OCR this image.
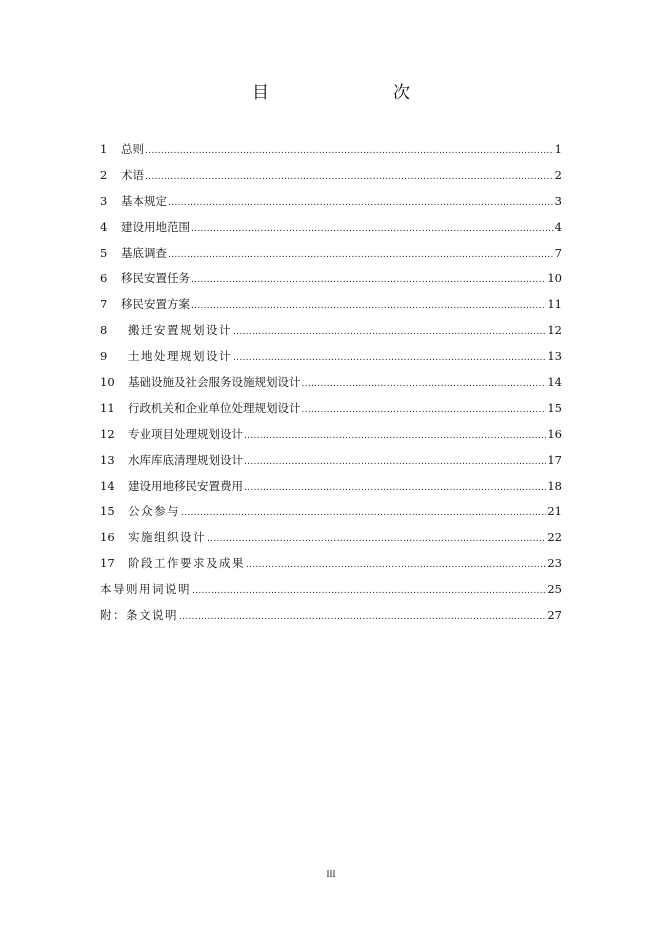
目　　次
1	总则 .....	1
2	术语 .....	2
3	基本规定 .....	3
4	建设用地范围 .....	4
5	基底调查 .....	7
6	移民安置任务 .....	10
7	移民安置方案 .....	11
8	搬迁安置规划设计 .....	12
9	土地处理规划设计 .....	13
10	基础设施及社会服务设施规划设计 .....	14
11	行政机关和企业单位处理规划设计 .....	15
12	专业项目处理规划设计 .....	16
13	水库库底清理规划设计 .....	17
14	建设用地移民安置费用 .....	18
15	公众参与 .....	21
16	实施组织设计 .....	22
17	阶段工作要求及成果 .....	23
本导则用词说明 .....	25
附：条文说明 .....	27
III
